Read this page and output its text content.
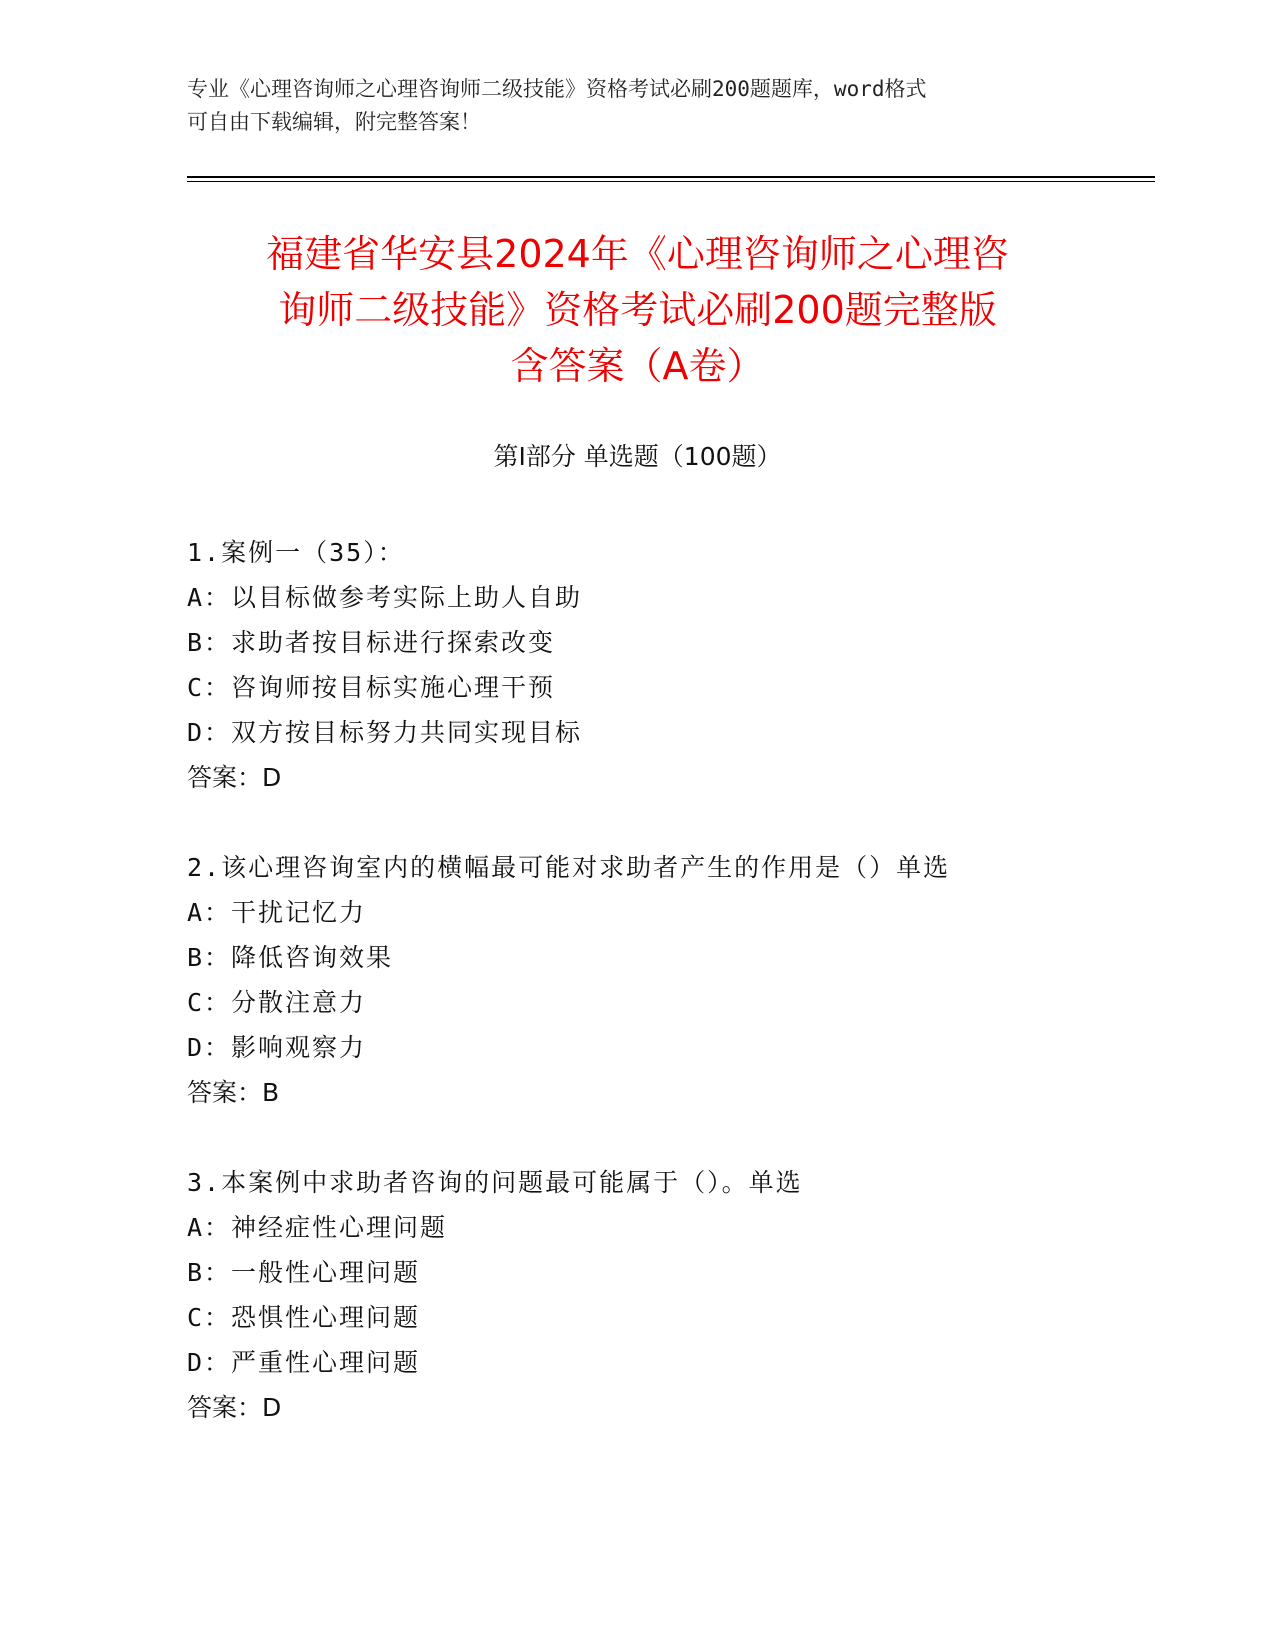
专业《心理咨询师之心理咨询师二级技能》资格考试必刷200题题库，word格式
可自由下载编辑，附完整答案！
福建省华安县2024年《心理咨询师之心理咨
询师二级技能》资格考试必刷200题完整版
含答案（A卷）
第Ⅰ部分 单选题（100题）
1.案例一（35）：
A：以目标做参考实际上助人自助
B：求助者按目标进行探索改变
C：咨询师按目标实施心理干预
D：双方按目标努力共同实现目标
答案：D
2.该心理咨询室内的横幅最可能对求助者产生的作用是（）单选
A：干扰记忆力
B：降低咨询效果
C：分散注意力
D：影响观察力
答案：B
3.本案例中求助者咨询的问题最可能属于（）。单选
A：神经症性心理问题
B：一般性心理问题
C：恐惧性心理问题
D：严重性心理问题
答案：D
